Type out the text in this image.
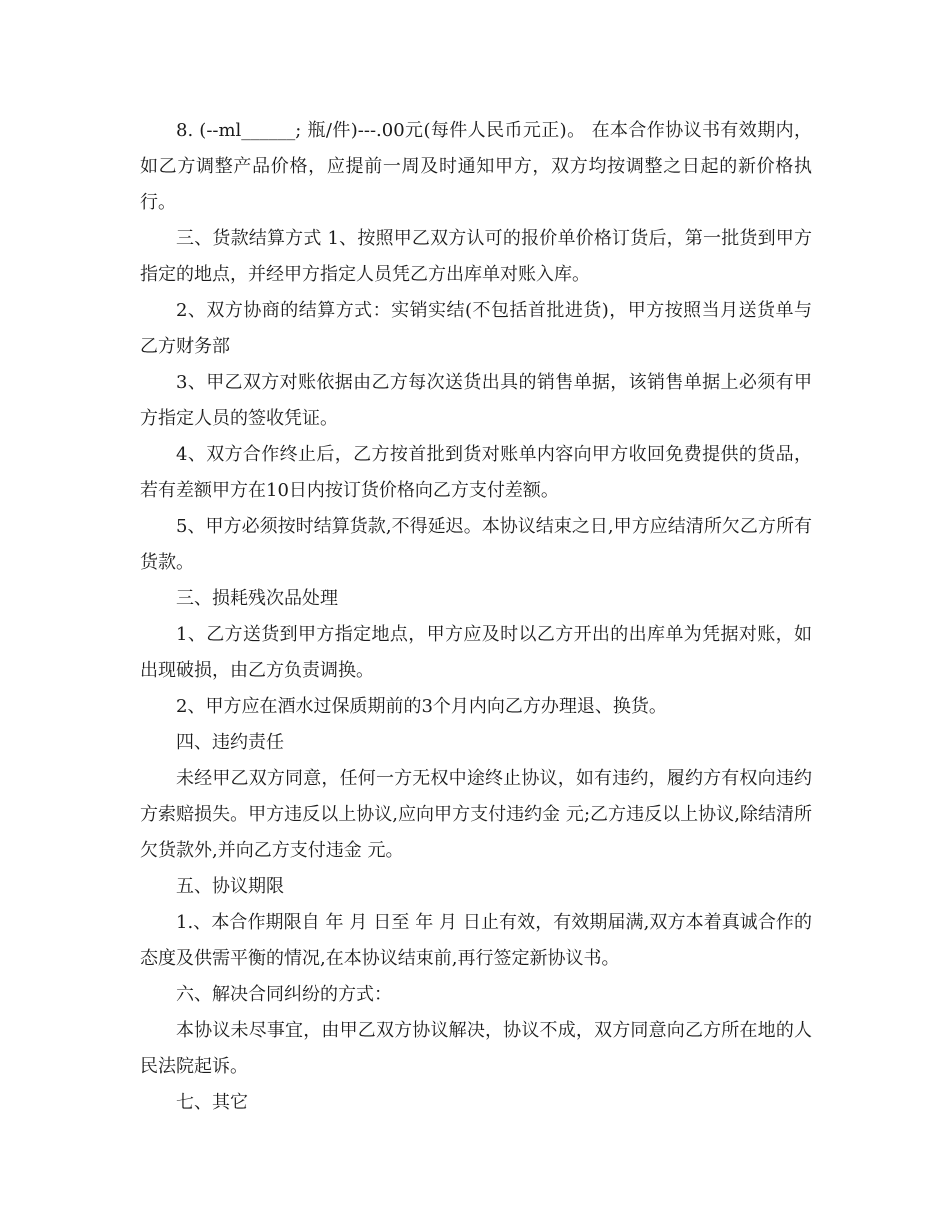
8. (--ml______; 瓶/件)---.00元(每件人民币元正)。 在本合作协议书有效期内，如乙方调整产品价格，应提前一周及时通知甲方，双方均按调整之日起的新价格执行。

三、货款结算方式 1、按照甲乙双方认可的报价单价格订货后，第一批货到甲方指定的地点，并经甲方指定人员凭乙方出库单对账入库。

2、双方协商的结算方式：实销实结(不包括首批进货)，甲方按照当月送货单与乙方财务部

3、甲乙双方对账依据由乙方每次送货出具的销售单据，该销售单据上必须有甲方指定人员的签收凭证。

4、双方合作终止后，乙方按首批到货对账单内容向甲方收回免费提供的货品，若有差额甲方在10日内按订货价格向乙方支付差额。

5、甲方必须按时结算货款,不得延迟。本协议结束之日,甲方应结清所欠乙方所有货款。

三、损耗残次品处理

1、乙方送货到甲方指定地点，甲方应及时以乙方开出的出库单为凭据对账，如出现破损，由乙方负责调换。

2、甲方应在酒水过保质期前的3个月内向乙方办理退、换货。

四、违约责任

未经甲乙双方同意，任何一方无权中途终止协议，如有违约，履约方有权向违约方索赔损失。甲方违反以上协议,应向甲方支付违约金 元;乙方违反以上协议,除结清所欠货款外,并向乙方支付违金 元。

五、协议期限

1.、本合作期限自 年 月 日至 年 月 日止有效，有效期届满,双方本着真诚合作的态度及供需平衡的情况,在本协议结束前,再行签定新协议书。

六、解决合同纠纷的方式：

本协议未尽事宜，由甲乙双方协议解决，协议不成，双方同意向乙方所在地的人民法院起诉。

七、其它
